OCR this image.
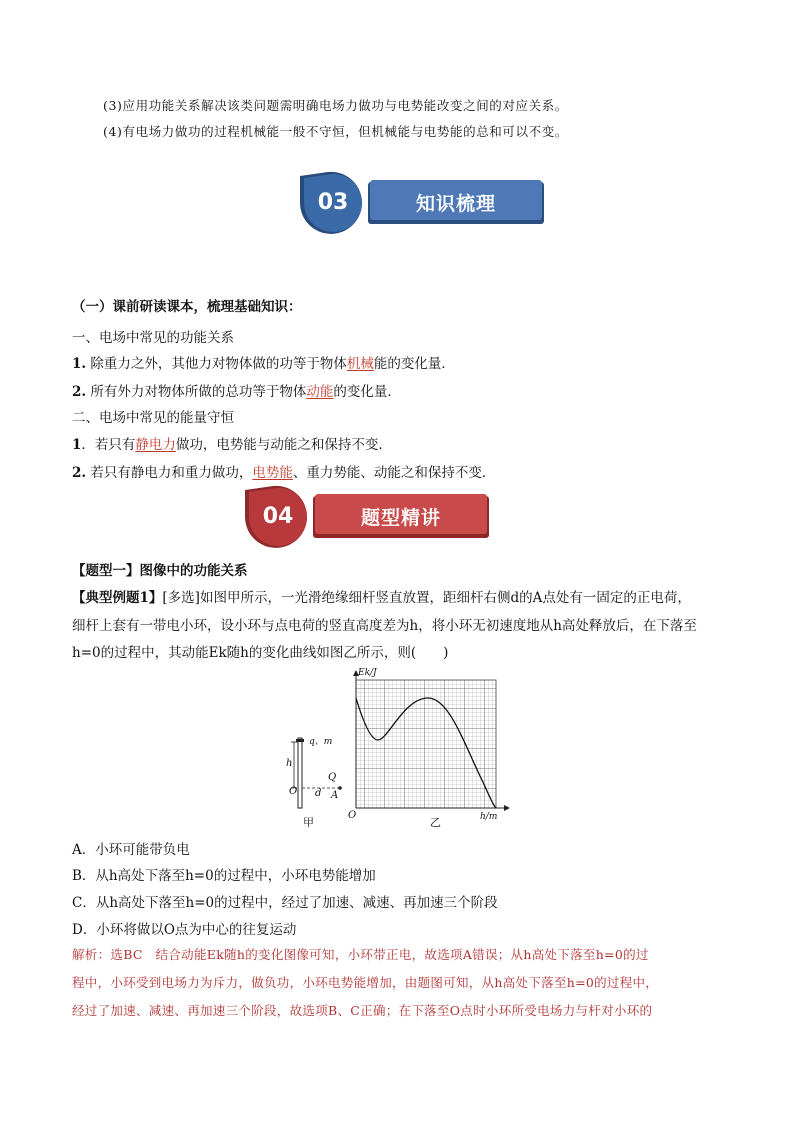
(3)应用功能关系解决该类问题需明确电场力做功与电势能改变之间的对应关系。
(4)有电场力做功的过程机械能一般不守恒，但机械能与电势能的总和可以不变。
03	知识梳理
（一）课前研读课本，梳理基础知识：
一、电场中常见的功能关系
1. 除重力之外，其他力对物体做的功等于物体机械能的变化量．
2. 所有外力对物体所做的总功等于物体动能的变化量．
二、电场中常见的能量守恒
1．若只有静电力做功，电势能与动能之和保持不变．
2. 若只有静电力和重力做功，电势能、重力势能、动能之和保持不变．
04	题型精讲
【题型一】图像中的功能关系
【典型例题1】[多选]如图甲所示，一光滑绝缘细杆竖直放置，距细杆右侧d的A点处有一固定的正电荷，
细杆上套有一带电小环，设小环与点电荷的竖直高度差为h，将小环无初速度地从h高处释放后，在下落至
h=0的过程中，其动能Ek随h的变化曲线如图乙所示，则(　　)
q、m
h
O d
Q
A
甲
Ek/J
O	h/m
乙
A．小环可能带负电
B．从h高处下落至h=0的过程中，小环电势能增加
C．从h高处下落至h=0的过程中，经过了加速、减速、再加速三个阶段
D．小环将做以O点为中心的往复运动
解析：选BC　结合动能Ek随h的变化图像可知，小环带正电，故选项A错误；从h高处下落至h=0的过
程中，小环受到电场力为斥力，做负功，小环电势能增加，由题图可知，从h高处下落至h=0的过程中，
经过了加速、减速、再加速三个阶段，故选项B、C正确；在下落至O点时小环所受电场力与杆对小环的
